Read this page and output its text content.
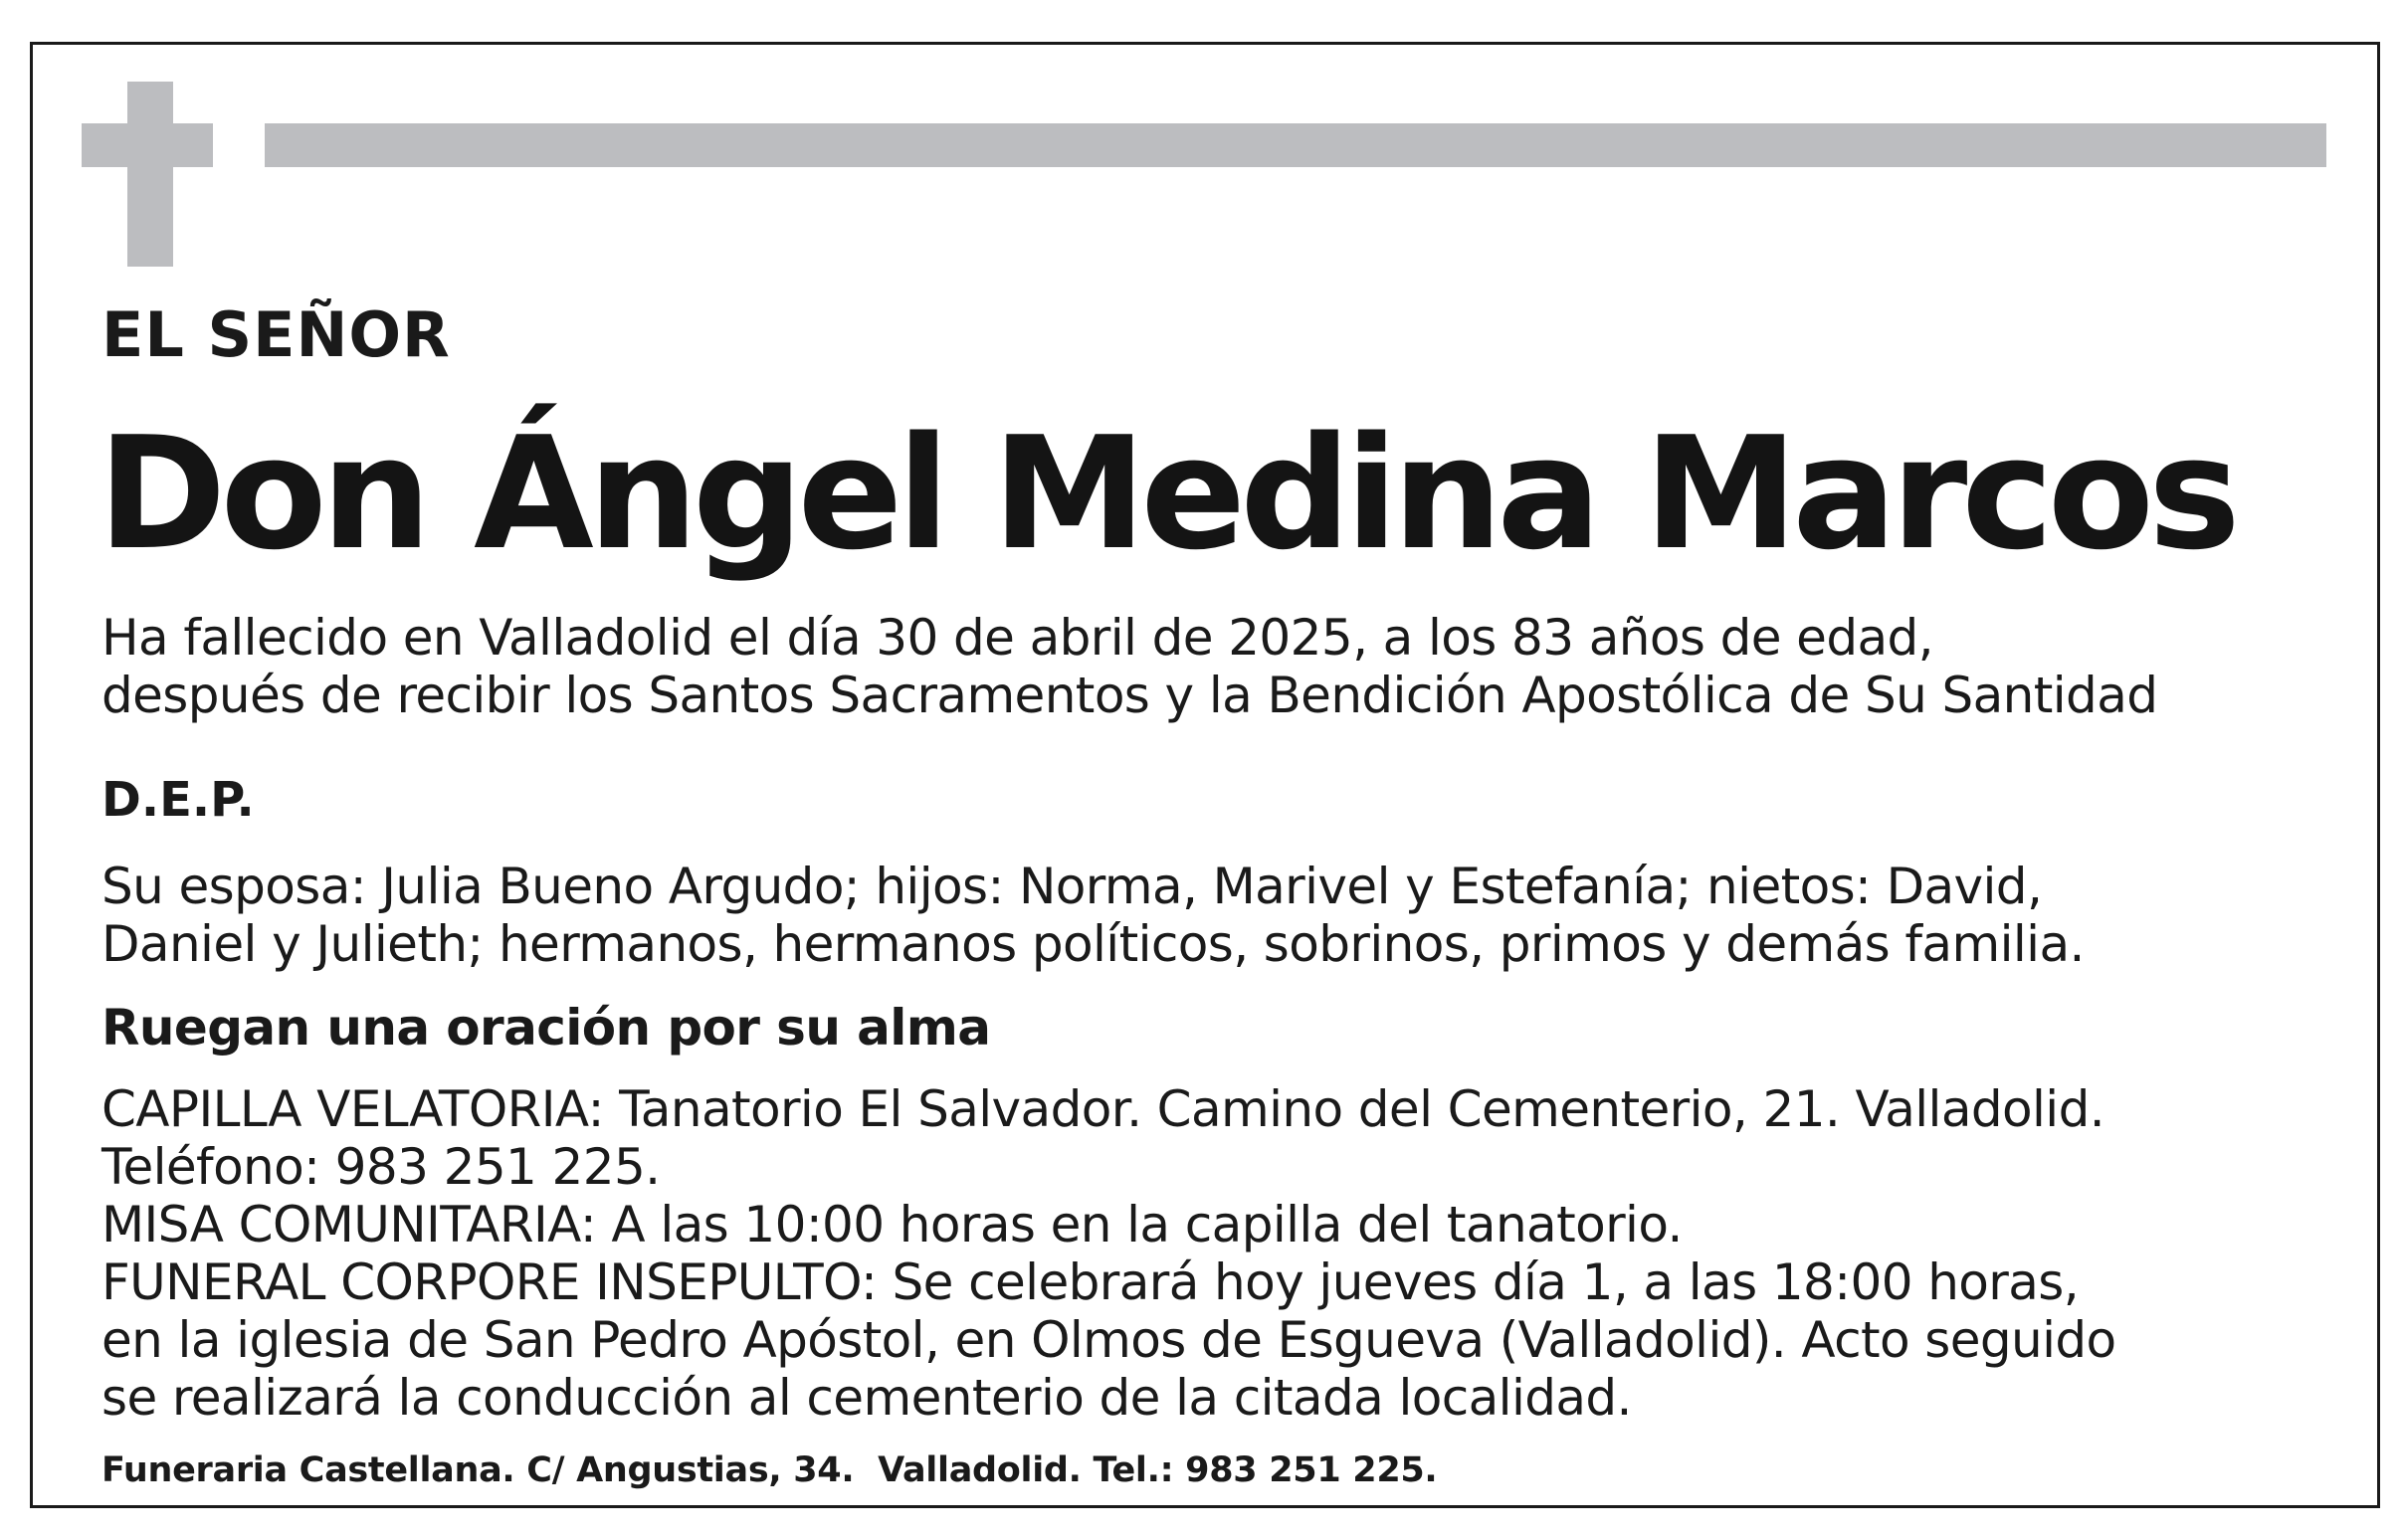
EL SEÑOR
Don Ángel Medina Marcos
Ha fallecido en Valladolid el día 30 de abril de 2025, a los 83 años de edad,
después de recibir los Santos Sacramentos y la Bendición Apostólica de Su Santidad
D.E.P.
Su esposa: Julia Bueno Argudo; hijos: Norma, Marivel y Estefanía; nietos: David,
Daniel y Julieth; hermanos, hermanos políticos, sobrinos, primos y demás familia.
Ruegan una oración por su alma
CAPILLA VELATORIA: Tanatorio El Salvador. Camino del Cementerio, 21. Valladolid.
Teléfono: 983 251 225.
MISA COMUNITARIA: A las 10:00 horas en la capilla del tanatorio.
FUNERAL CORPORE INSEPULTO: Se celebrará hoy jueves día 1, a las 18:00 horas,
en la iglesia de San Pedro Apóstol, en Olmos de Esgueva (Valladolid). Acto seguido
se realizará la conducción al cementerio de la citada localidad.
Funeraria Castellana. C/ Angustias, 34.  Valladolid. Tel.: 983 251 225.
